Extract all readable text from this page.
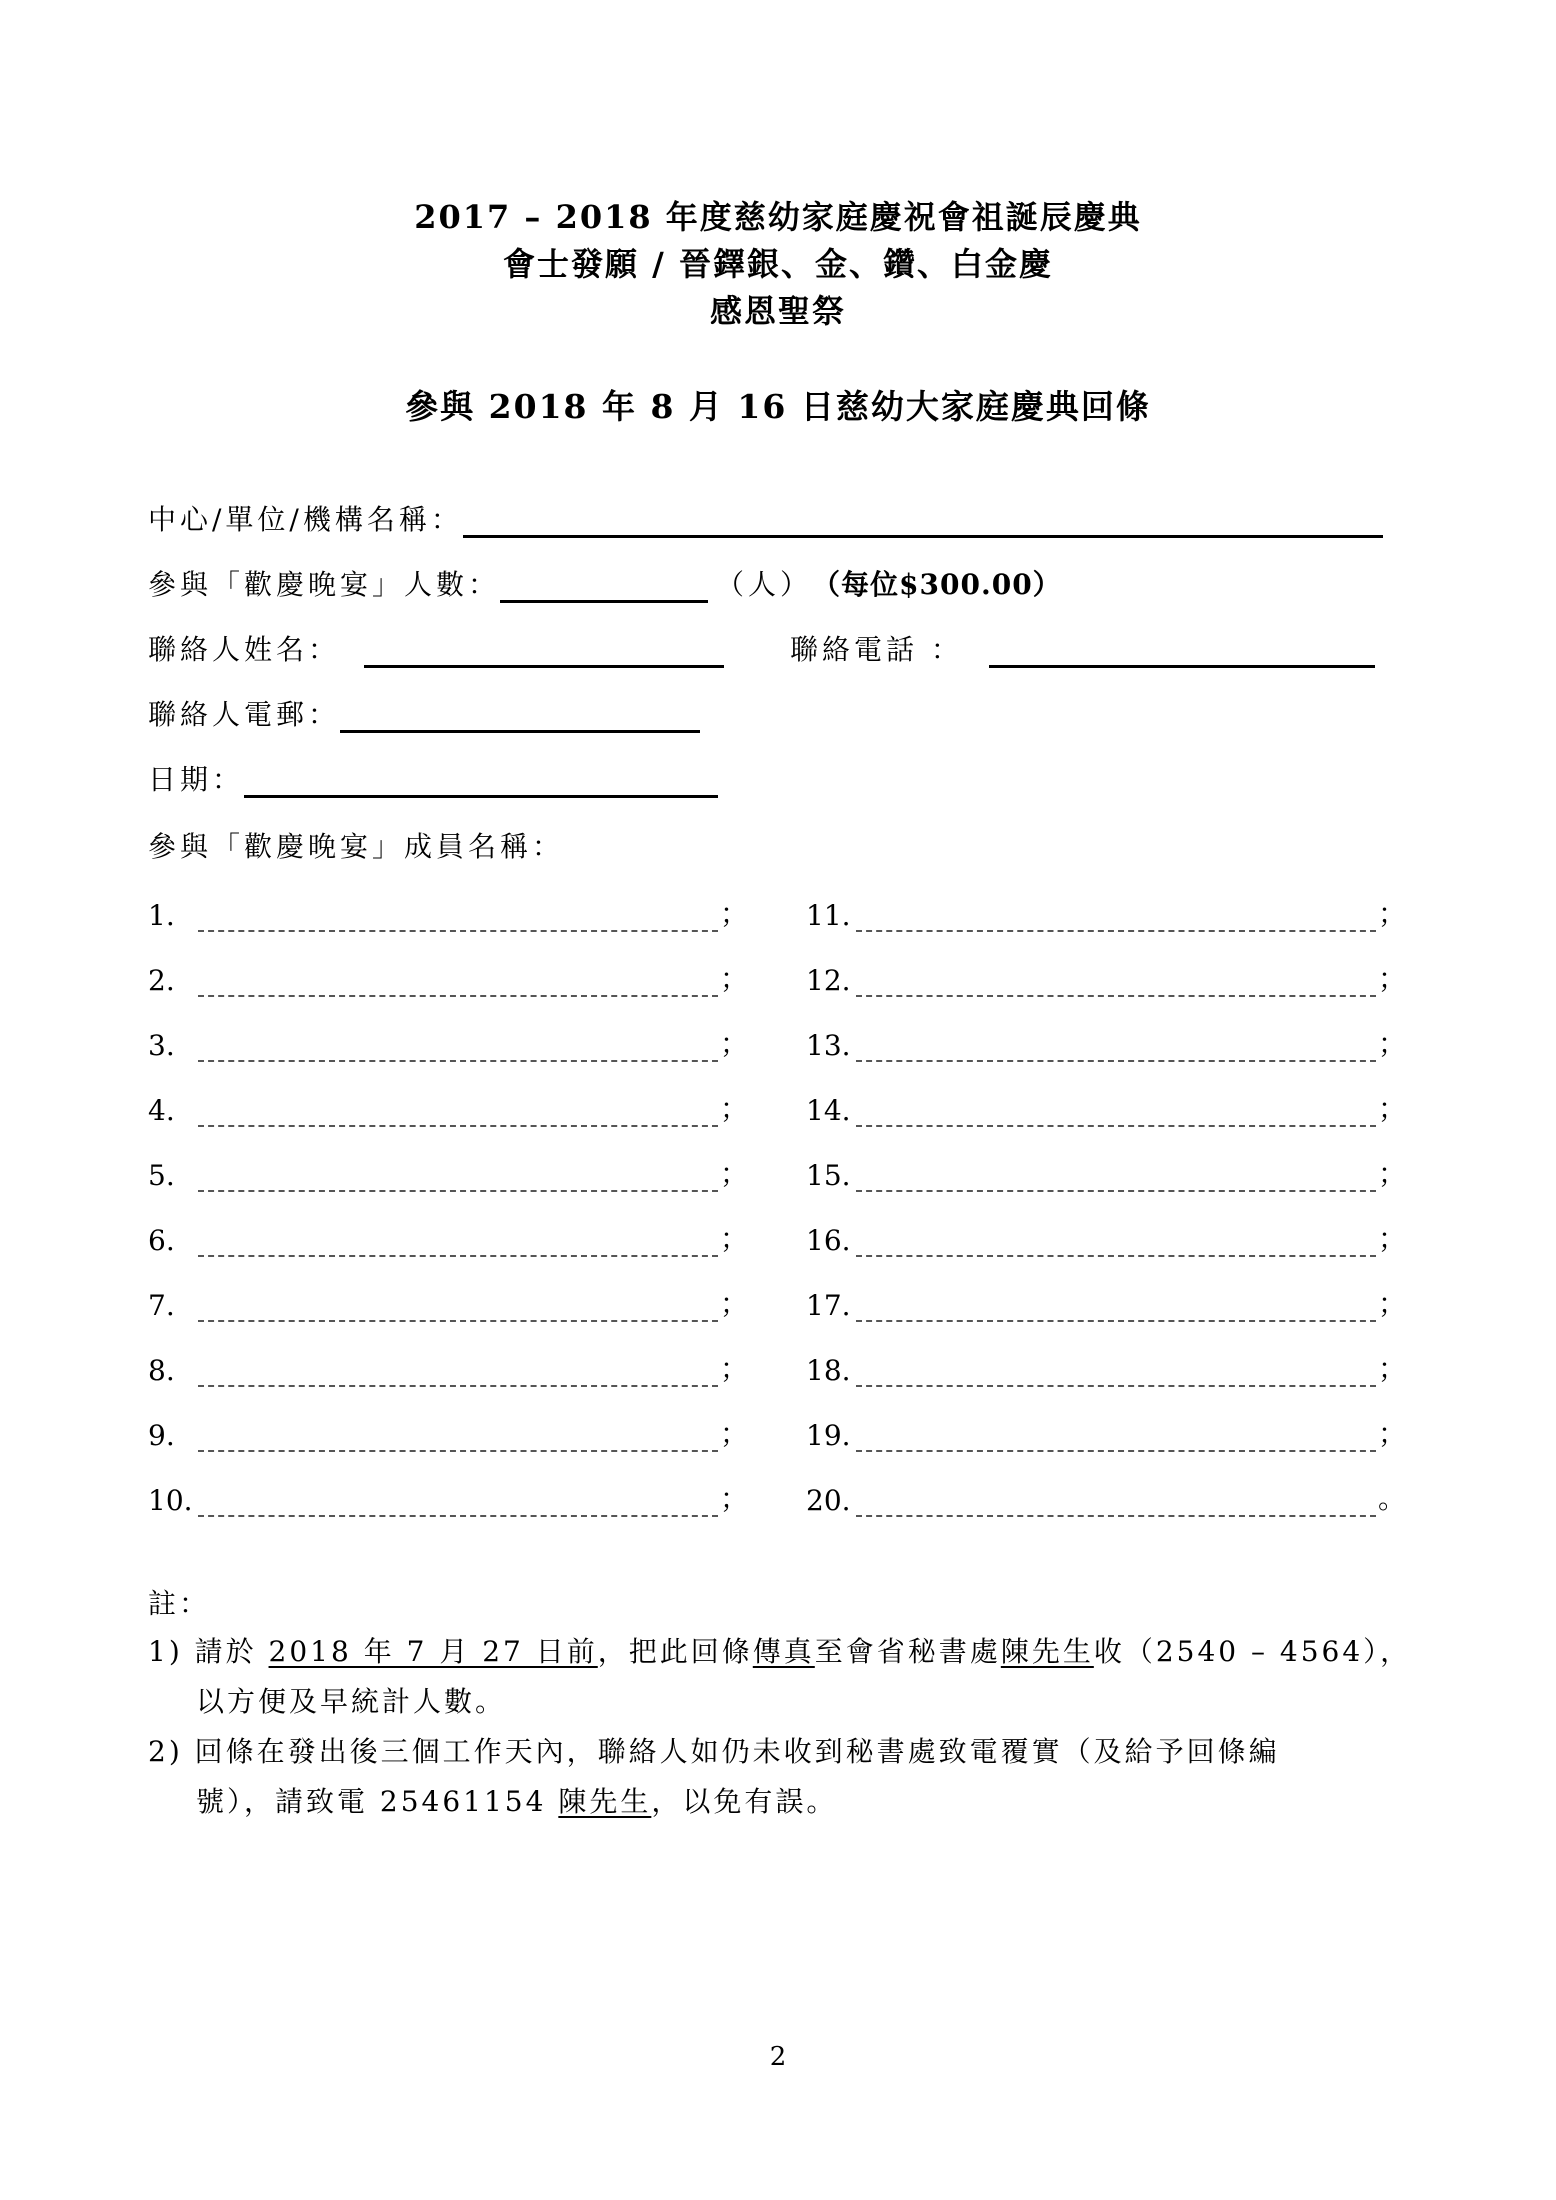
2017 – 2018 年度慈幼家庭慶祝會祖誕辰慶典
會士發願 / 晉鐸銀、金、鑽、白金慶
感恩聖祭
參與 2018 年 8 月 16 日慈幼大家庭慶典回條
中心/單位/機構名稱：
參與「歡慶晚宴」人數：	（人） （每位$300.00）
聯絡人姓名：	聯絡電話 ：
聯絡人電郵：
日期：
參與「歡慶晚宴」成員名稱：
1.	；
2.	；
3.	；
4.	；
5.	；
6.	；
7.	；
8.	；
9.	；
10.	；
11.	；
12.	；
13.	；
14.	；
15.	；
16.	；
17.	；
18.	；
19.	；
20.	。
註：
1) 請於 2018 年 7 月 27 日前，把此回條傳真至會省秘書處陳先生收（2540 – 4564），
以方便及早統計人數。
2) 回條在發出後三個工作天內，聯絡人如仍未收到秘書處致電覆實（及給予回條編
號），請致電 25461154 陳先生，以免有誤。
2
